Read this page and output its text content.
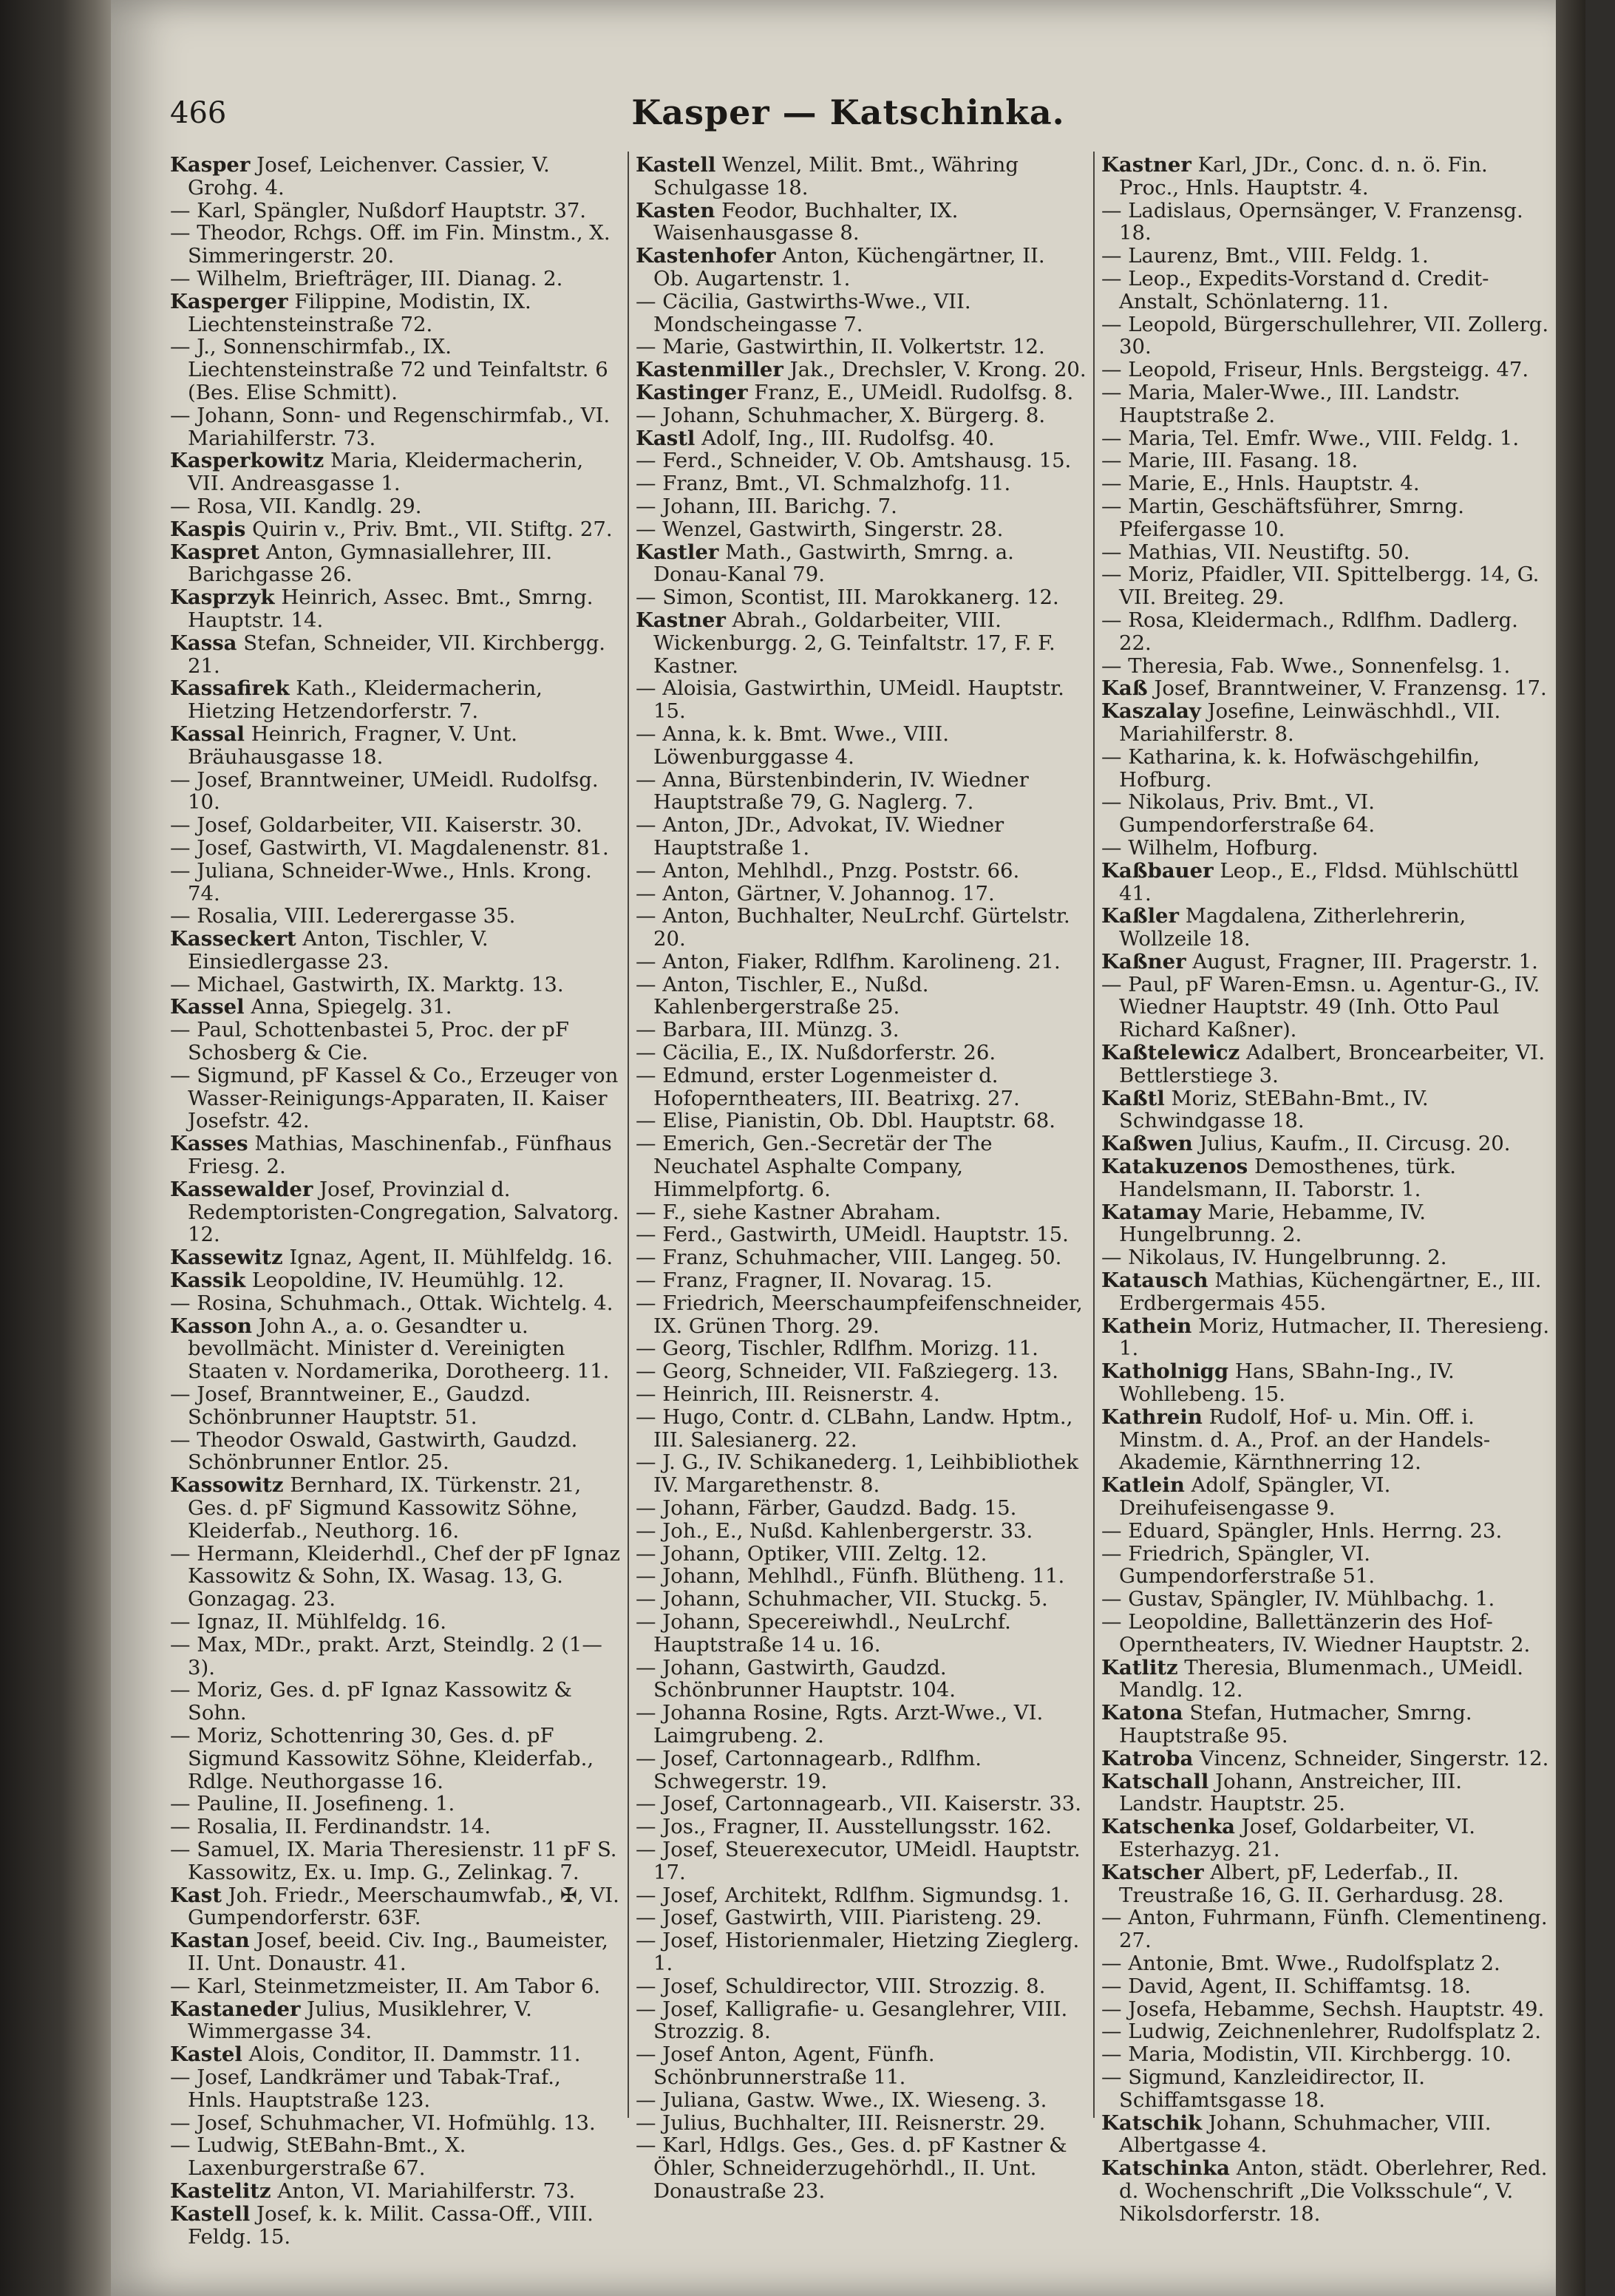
466	Kasper — Katschinka.
Kasper Josef, Leichenver. Cassier, V. Grohg. 4.
— Karl, Spängler, Nußdorf Hauptstr. 37.
— Theodor, Rchgs. Off. im Fin. Minstm., X. Simmeringerstr. 20.
— Wilhelm, Briefträger, III. Dianag. 2.
Kasperger Filippine, Modistin, IX. Liechtensteinstraße 72.
— J., Sonnenschirmfab., IX. Liechtensteinstraße 72 und Teinfaltstr. 6 (Bes. Elise Schmitt).
— Johann, Sonn- und Regenschirmfab., VI. Mariahilferstr. 73.
Kasperkowitz Maria, Kleidermacherin, VII. Andreasgasse 1.
— Rosa, VII. Kandlg. 29.
Kaspis Quirin v., Priv. Bmt., VII. Stiftg. 27.
Kaspret Anton, Gymnasiallehrer, III. Barichgasse 26.
Kasprzyk Heinrich, Assec. Bmt., Smrng. Hauptstr. 14.
Kassa Stefan, Schneider, VII. Kirchbergg. 21.
Kassafirek Kath., Kleidermacherin, Hietzing Hetzendorferstr. 7.
Kassal Heinrich, Fragner, V. Unt. Bräuhausgasse 18.
— Josef, Branntweiner, UMeidl. Rudolfsg. 10.
— Josef, Goldarbeiter, VII. Kaiserstr. 30.
— Josef, Gastwirth, VI. Magdalenenstr. 81.
— Juliana, Schneider-Wwe., Hnls. Krong. 74.
— Rosalia, VIII. Lederergasse 35.
Kasseckert Anton, Tischler, V. Einsiedlergasse 23.
— Michael, Gastwirth, IX. Marktg. 13.
Kassel Anna, Spiegelg. 31.
— Paul, Schottenbastei 5, Proc. der pF Schosberg & Cie.
— Sigmund, pF Kassel & Co., Erzeuger von Wasser-Reinigungs-Apparaten, II. Kaiser Josefstr. 42.
Kasses Mathias, Maschinenfab., Fünfhaus Friesg. 2.
Kassewalder Josef, Provinzial d. Redemptoristen-Congregation, Salvatorg. 12.
Kassewitz Ignaz, Agent, II. Mühlfeldg. 16.
Kassik Leopoldine, IV. Heumühlg. 12.
— Rosina, Schuhmach., Ottak. Wichtelg. 4.
Kasson John A., a. o. Gesandter u. bevollmächt. Minister d. Vereinigten Staaten v. Nordamerika, Dorotheerg. 11.
— Josef, Branntweiner, E., Gaudzd. Schönbrunner Hauptstr. 51.
— Theodor Oswald, Gastwirth, Gaudzd. Schönbrunner Entlor. 25.
Kassowitz Bernhard, IX. Türkenstr. 21, Ges. d. pF Sigmund Kassowitz Söhne, Kleiderfab., Neuthorg. 16.
— Hermann, Kleiderhdl., Chef der pF Ignaz Kassowitz & Sohn, IX. Wasag. 13, G. Gonzagag. 23.
— Ignaz, II. Mühlfeldg. 16.
— Max, MDr., prakt. Arzt, Steindlg. 2 (1—3).
— Moriz, Ges. d. pF Ignaz Kassowitz & Sohn.
— Moriz, Schottenring 30, Ges. d. pF Sigmund Kassowitz Söhne, Kleiderfab., Rdlge. Neuthorgasse 16.
— Pauline, II. Josefineng. 1.
— Rosalia, II. Ferdinandstr. 14.
— Samuel, IX. Maria Theresienstr. 11 pF S. Kassowitz, Ex. u. Imp. G., Zelinkag. 7.
Kast Joh. Friedr., Meerschaumwfab., ✠, VI. Gumpendorferstr. 63F.
Kastan Josef, beeid. Civ. Ing., Baumeister, II. Unt. Donaustr. 41.
— Karl, Steinmetzmeister, II. Am Tabor 6.
Kastaneder Julius, Musiklehrer, V. Wimmergasse 34.
Kastel Alois, Conditor, II. Dammstr. 11.
— Josef, Landkrämer und Tabak-Traf., Hnls. Hauptstraße 123.
— Josef, Schuhmacher, VI. Hofmühlg. 13.
— Ludwig, StEBahn-Bmt., X. Laxenburgerstraße 67.
Kastelitz Anton, VI. Mariahilferstr. 73.
Kastell Josef, k. k. Milit. Cassa-Off., VIII. Feldg. 15.
Kastell Wenzel, Milit. Bmt., Währing Schulgasse 18.
Kasten Feodor, Buchhalter, IX. Waisenhausgasse 8.
Kastenhofer Anton, Küchengärtner, II. Ob. Augartenstr. 1.
— Cäcilia, Gastwirths-Wwe., VII. Mondscheingasse 7.
— Marie, Gastwirthin, II. Volkertstr. 12.
Kastenmiller Jak., Drechsler, V. Krong. 20.
Kastinger Franz, E., UMeidl. Rudolfsg. 8.
— Johann, Schuhmacher, X. Bürgerg. 8.
Kastl Adolf, Ing., III. Rudolfsg. 40.
— Ferd., Schneider, V. Ob. Amtshausg. 15.
— Franz, Bmt., VI. Schmalzhofg. 11.
— Johann, III. Barichg. 7.
— Wenzel, Gastwirth, Singerstr. 28.
Kastler Math., Gastwirth, Smrng. a. Donau-Kanal 79.
— Simon, Scontist, III. Marokkanerg. 12.
Kastner Abrah., Goldarbeiter, VIII. Wickenburgg. 2, G. Teinfaltstr. 17, F. F. Kastner.
— Aloisia, Gastwirthin, UMeidl. Hauptstr. 15.
— Anna, k. k. Bmt. Wwe., VIII. Löwenburggasse 4.
— Anna, Bürstenbinderin, IV. Wiedner Hauptstraße 79, G. Naglerg. 7.
— Anton, JDr., Advokat, IV. Wiedner Hauptstraße 1.
— Anton, Mehlhdl., Pnzg. Poststr. 66.
— Anton, Gärtner, V. Johannog. 17.
— Anton, Buchhalter, NeuLrchf. Gürtelstr. 20.
— Anton, Fiaker, Rdlfhm. Karolineng. 21.
— Anton, Tischler, E., Nußd. Kahlenbergerstraße 25.
— Barbara, III. Münzg. 3.
— Cäcilia, E., IX. Nußdorferstr. 26.
— Edmund, erster Logenmeister d. Hofoperntheaters, III. Beatrixg. 27.
— Elise, Pianistin, Ob. Dbl. Hauptstr. 68.
— Emerich, Gen.-Secretär der The Neuchatel Asphalte Company, Himmelpfortg. 6.
— F., siehe Kastner Abraham.
— Ferd., Gastwirth, UMeidl. Hauptstr. 15.
— Franz, Schuhmacher, VIII. Langeg. 50.
— Franz, Fragner, II. Novarag. 15.
— Friedrich, Meerschaumpfeifenschneider, IX. Grünen Thorg. 29.
— Georg, Tischler, Rdlfhm. Morizg. 11.
— Georg, Schneider, VII. Faßziegerg. 13.
— Heinrich, III. Reisnerstr. 4.
— Hugo, Contr. d. CLBahn, Landw. Hptm., III. Salesianerg. 22.
— J. G., IV. Schikanederg. 1, Leihbibliothek IV. Margarethenstr. 8.
— Johann, Färber, Gaudzd. Badg. 15.
— Joh., E., Nußd. Kahlenbergerstr. 33.
— Johann, Optiker, VIII. Zeltg. 12.
— Johann, Mehlhdl., Fünfh. Blütheng. 11.
— Johann, Schuhmacher, VII. Stuckg. 5.
— Johann, Specereiwhdl., NeuLrchf. Hauptstraße 14 u. 16.
— Johann, Gastwirth, Gaudzd. Schönbrunner Hauptstr. 104.
— Johanna Rosine, Rgts. Arzt-Wwe., VI. Laimgrubeng. 2.
— Josef, Cartonnagearb., Rdlfhm. Schwegerstr. 19.
— Josef, Cartonnagearb., VII. Kaiserstr. 33.
— Jos., Fragner, II. Ausstellungsstr. 162.
— Josef, Steuerexecutor, UMeidl. Hauptstr. 17.
— Josef, Architekt, Rdlfhm. Sigmundsg. 1.
— Josef, Gastwirth, VIII. Piaristeng. 29.
— Josef, Historienmaler, Hietzing Zieglerg. 1.
— Josef, Schuldirector, VIII. Strozzig. 8.
— Josef, Kalligrafie- u. Gesanglehrer, VIII. Strozzig. 8.
— Josef Anton, Agent, Fünfh. Schönbrunnerstraße 11.
— Juliana, Gastw. Wwe., IX. Wieseng. 3.
— Julius, Buchhalter, III. Reisnerstr. 29.
— Karl, Hdlgs. Ges., Ges. d. pF Kastner & Öhler, Schneiderzugehörhdl., II. Unt. Donaustraße 23.
Kastner Karl, JDr., Conc. d. n. ö. Fin. Proc., Hnls. Hauptstr. 4.
— Ladislaus, Opernsänger, V. Franzensg. 18.
— Laurenz, Bmt., VIII. Feldg. 1.
— Leop., Expedits-Vorstand d. Credit-Anstalt, Schönlaterng. 11.
— Leopold, Bürgerschullehrer, VII. Zollerg. 30.
— Leopold, Friseur, Hnls. Bergsteigg. 47.
— Maria, Maler-Wwe., III. Landstr. Hauptstraße 2.
— Maria, Tel. Emfr. Wwe., VIII. Feldg. 1.
— Marie, III. Fasang. 18.
— Marie, E., Hnls. Hauptstr. 4.
— Martin, Geschäftsführer, Smrng. Pfeifergasse 10.
— Mathias, VII. Neustiftg. 50.
— Moriz, Pfaidler, VII. Spittelbergg. 14, G. VII. Breiteg. 29.
— Rosa, Kleidermach., Rdlfhm. Dadlerg. 22.
— Theresia, Fab. Wwe., Sonnenfelsg. 1.
Kaß Josef, Branntweiner, V. Franzensg. 17.
Kaszalay Josefine, Leinwäschhdl., VII. Mariahilferstr. 8.
— Katharina, k. k. Hofwäschgehilfin, Hofburg.
— Nikolaus, Priv. Bmt., VI. Gumpendorferstraße 64.
— Wilhelm, Hofburg.
Kaßbauer Leop., E., Fldsd. Mühlschüttl 41.
Kaßler Magdalena, Zitherlehrerin, Wollzeile 18.
Kaßner August, Fragner, III. Pragerstr. 1.
— Paul, pF Waren-Emsn. u. Agentur-G., IV. Wiedner Hauptstr. 49 (Inh. Otto Paul Richard Kaßner).
Kaßtelewicz Adalbert, Broncearbeiter, VI. Bettlerstiege 3.
Kaßtl Moriz, StEBahn-Bmt., IV. Schwindgasse 18.
Kaßwen Julius, Kaufm., II. Circusg. 20.
Katakuzenos Demosthenes, türk. Handelsmann, II. Taborstr. 1.
Katamay Marie, Hebamme, IV. Hungelbrunng. 2.
— Nikolaus, IV. Hungelbrunng. 2.
Katausch Mathias, Küchengärtner, E., III. Erdbergermais 455.
Kathein Moriz, Hutmacher, II. Theresieng. 1.
Katholnigg Hans, SBahn-Ing., IV. Wohllebeng. 15.
Kathrein Rudolf, Hof- u. Min. Off. i. Minstm. d. A., Prof. an der Handels-Akademie, Kärnthnerring 12.
Katlein Adolf, Spängler, VI. Dreihufeisengasse 9.
— Eduard, Spängler, Hnls. Herrng. 23.
— Friedrich, Spängler, VI. Gumpendorferstraße 51.
— Gustav, Spängler, IV. Mühlbachg. 1.
— Leopoldine, Ballettänzerin des Hof-Operntheaters, IV. Wiedner Hauptstr. 2.
Katlitz Theresia, Blumenmach., UMeidl. Mandlg. 12.
Katona Stefan, Hutmacher, Smrng. Hauptstraße 95.
Katroba Vincenz, Schneider, Singerstr. 12.
Katschall Johann, Anstreicher, III. Landstr. Hauptstr. 25.
Katschenka Josef, Goldarbeiter, VI. Esterhazyg. 21.
Katscher Albert, pF, Lederfab., II. Treustraße 16, G. II. Gerhardusg. 28.
— Anton, Fuhrmann, Fünfh. Clementineng. 27.
— Antonie, Bmt. Wwe., Rudolfsplatz 2.
— David, Agent, II. Schiffamtsg. 18.
— Josefa, Hebamme, Sechsh. Hauptstr. 49.
— Ludwig, Zeichnenlehrer, Rudolfsplatz 2.
— Maria, Modistin, VII. Kirchbergg. 10.
— Sigmund, Kanzleidirector, II. Schiffamtsgasse 18.
Katschik Johann, Schuhmacher, VIII. Albertgasse 4.
Katschinka Anton, städt. Oberlehrer, Red. d. Wochenschrift „Die Volksschule“, V. Nikolsdorferstr. 18.
